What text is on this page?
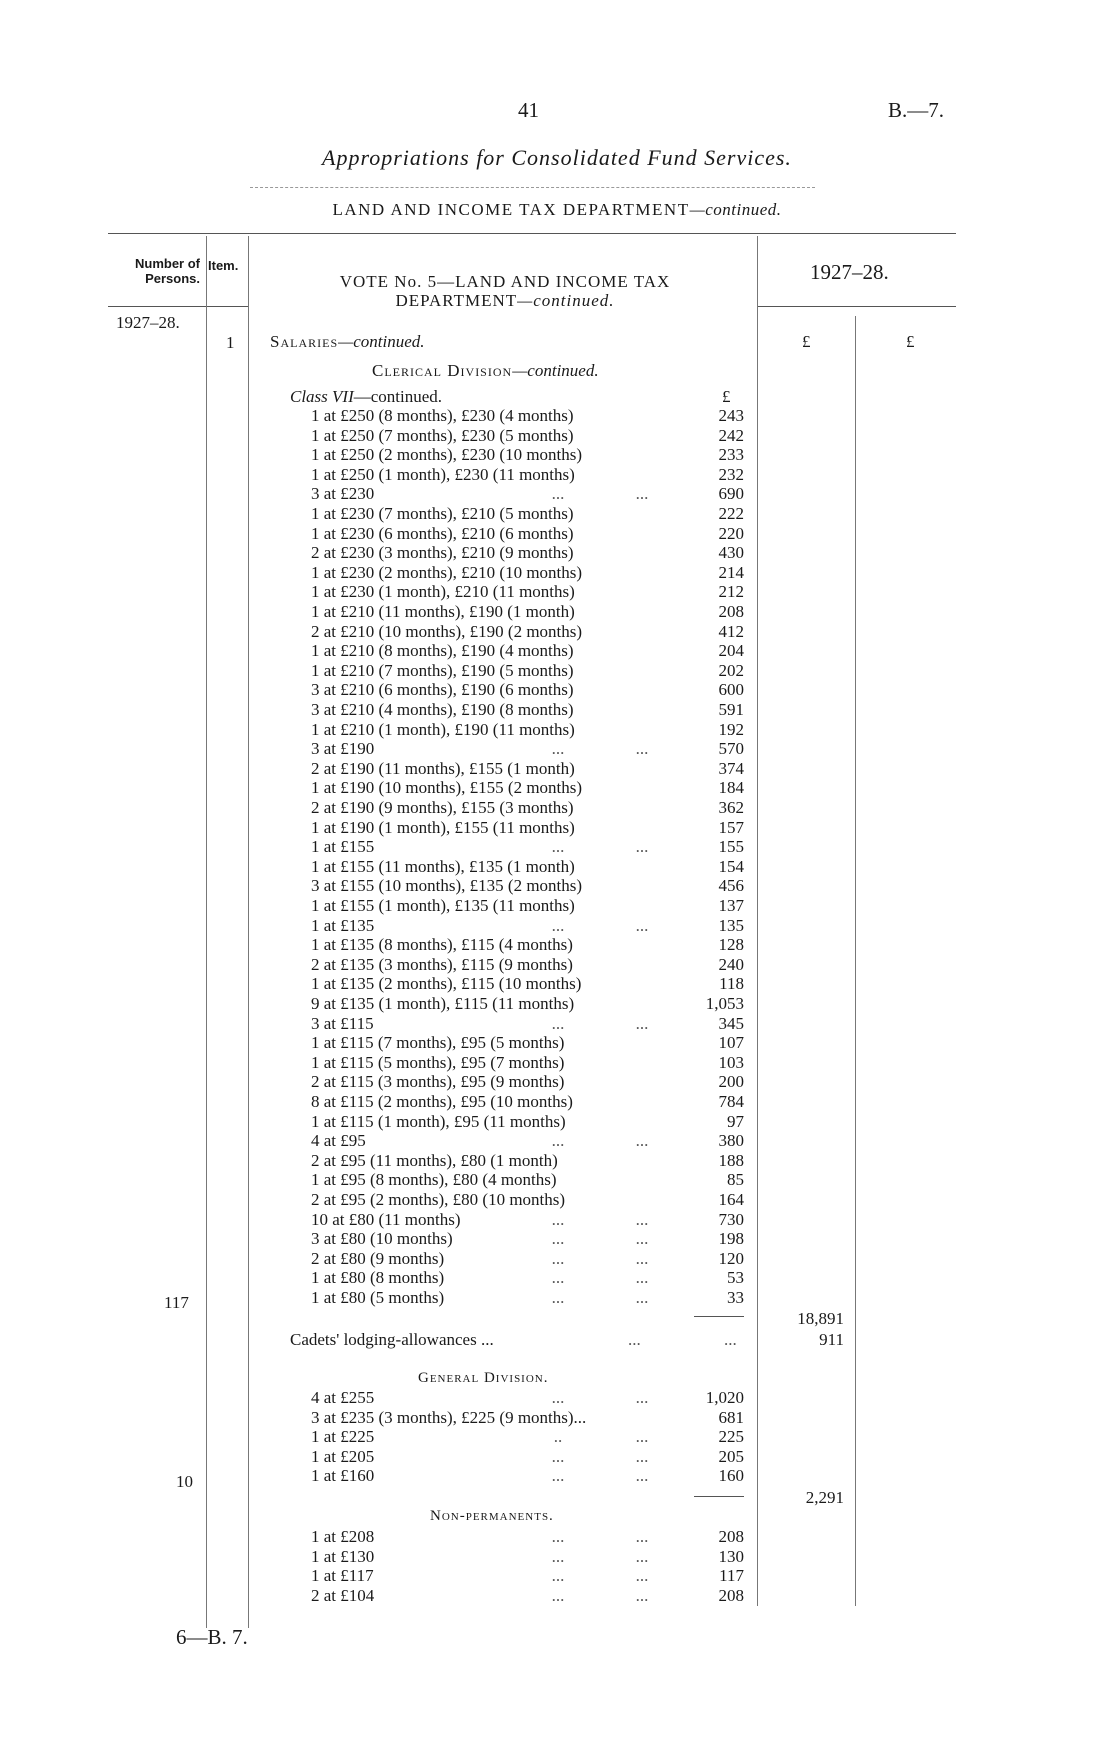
41	B.—7.
Appropriations for Consolidated Fund Services.
LAND AND INCOME TAX DEPARTMENT—continued.
Number of Persons.
Item.
VOTE No. 5—LAND AND INCOME TAX
DEPARTMENT—continued.
1927–28.
1927–28.
1 Salaries—continued.	£	£
Clerical Division—continued.
Class VII—continued.	£
1 at £250 (8 months), £230 (4 months)	243
1 at £250 (7 months), £230 (5 months)	242
1 at £250 (2 months), £230 (10 months)	233
1 at £250 (1 month), £230 (11 months)	232
3 at £230	...	...	690
1 at £230 (7 months), £210 (5 months)	222
1 at £230 (6 months), £210 (6 months)	220
2 at £230 (3 months), £210 (9 months)	430
1 at £230 (2 months), £210 (10 months)	214
1 at £230 (1 month), £210 (11 months)	212
1 at £210 (11 months), £190 (1 month)	208
2 at £210 (10 months), £190 (2 months)	412
1 at £210 (8 months), £190 (4 months)	204
1 at £210 (7 months), £190 (5 months)	202
3 at £210 (6 months), £190 (6 months)	600
3 at £210 (4 months), £190 (8 months)	591
1 at £210 (1 month), £190 (11 months)	192
3 at £190	...	...	570
2 at £190 (11 months), £155 (1 month)	374
1 at £190 (10 months), £155 (2 months)	184
2 at £190 (9 months), £155 (3 months)	362
1 at £190 (1 month), £155 (11 months)	157
1 at £155	...	...	155
1 at £155 (11 months), £135 (1 month)	154
3 at £155 (10 months), £135 (2 months)	456
1 at £155 (1 month), £135 (11 months)	137
1 at £135	...	...	135
1 at £135 (8 months), £115 (4 months)	128
2 at £135 (3 months), £115 (9 months)	240
1 at £135 (2 months), £115 (10 months)	118
9 at £135 (1 month), £115 (11 months)	1,053
3 at £115	...	...	345
1 at £115 (7 months), £95 (5 months)	107
1 at £115 (5 months), £95 (7 months)	103
2 at £115 (3 months), £95 (9 months)	200
8 at £115 (2 months), £95 (10 months)	784
1 at £115 (1 month), £95 (11 months)	97
4 at £95	...	...	380
2 at £95 (11 months), £80 (1 month)	188
1 at £95 (8 months), £80 (4 months)	85
2 at £95 (2 months), £80 (10 months)	164
10 at £80 (11 months)	...	...	730
3 at £80 (10 months)	...	...	198
2 at £80 (9 months)	...	...	120
1 at £80 (8 months)	...	...	53
1 at £80 (5 months)	...	...	33
117
18,891
Cadets' lodging-allowances ...	...	...	911
General Division.
4 at £255	...	...	1,020
3 at £235 (3 months), £225 (9 months)...	681
1 at £225	..	...	225
1 at £205	...	...	205
1 at £160	...	...	160
10
2,291
Non-permanents.
1 at £208	...	...	208
1 at £130	...	...	130
1 at £117	...	...	117
2 at £104	...	...	208
6—B. 7.
